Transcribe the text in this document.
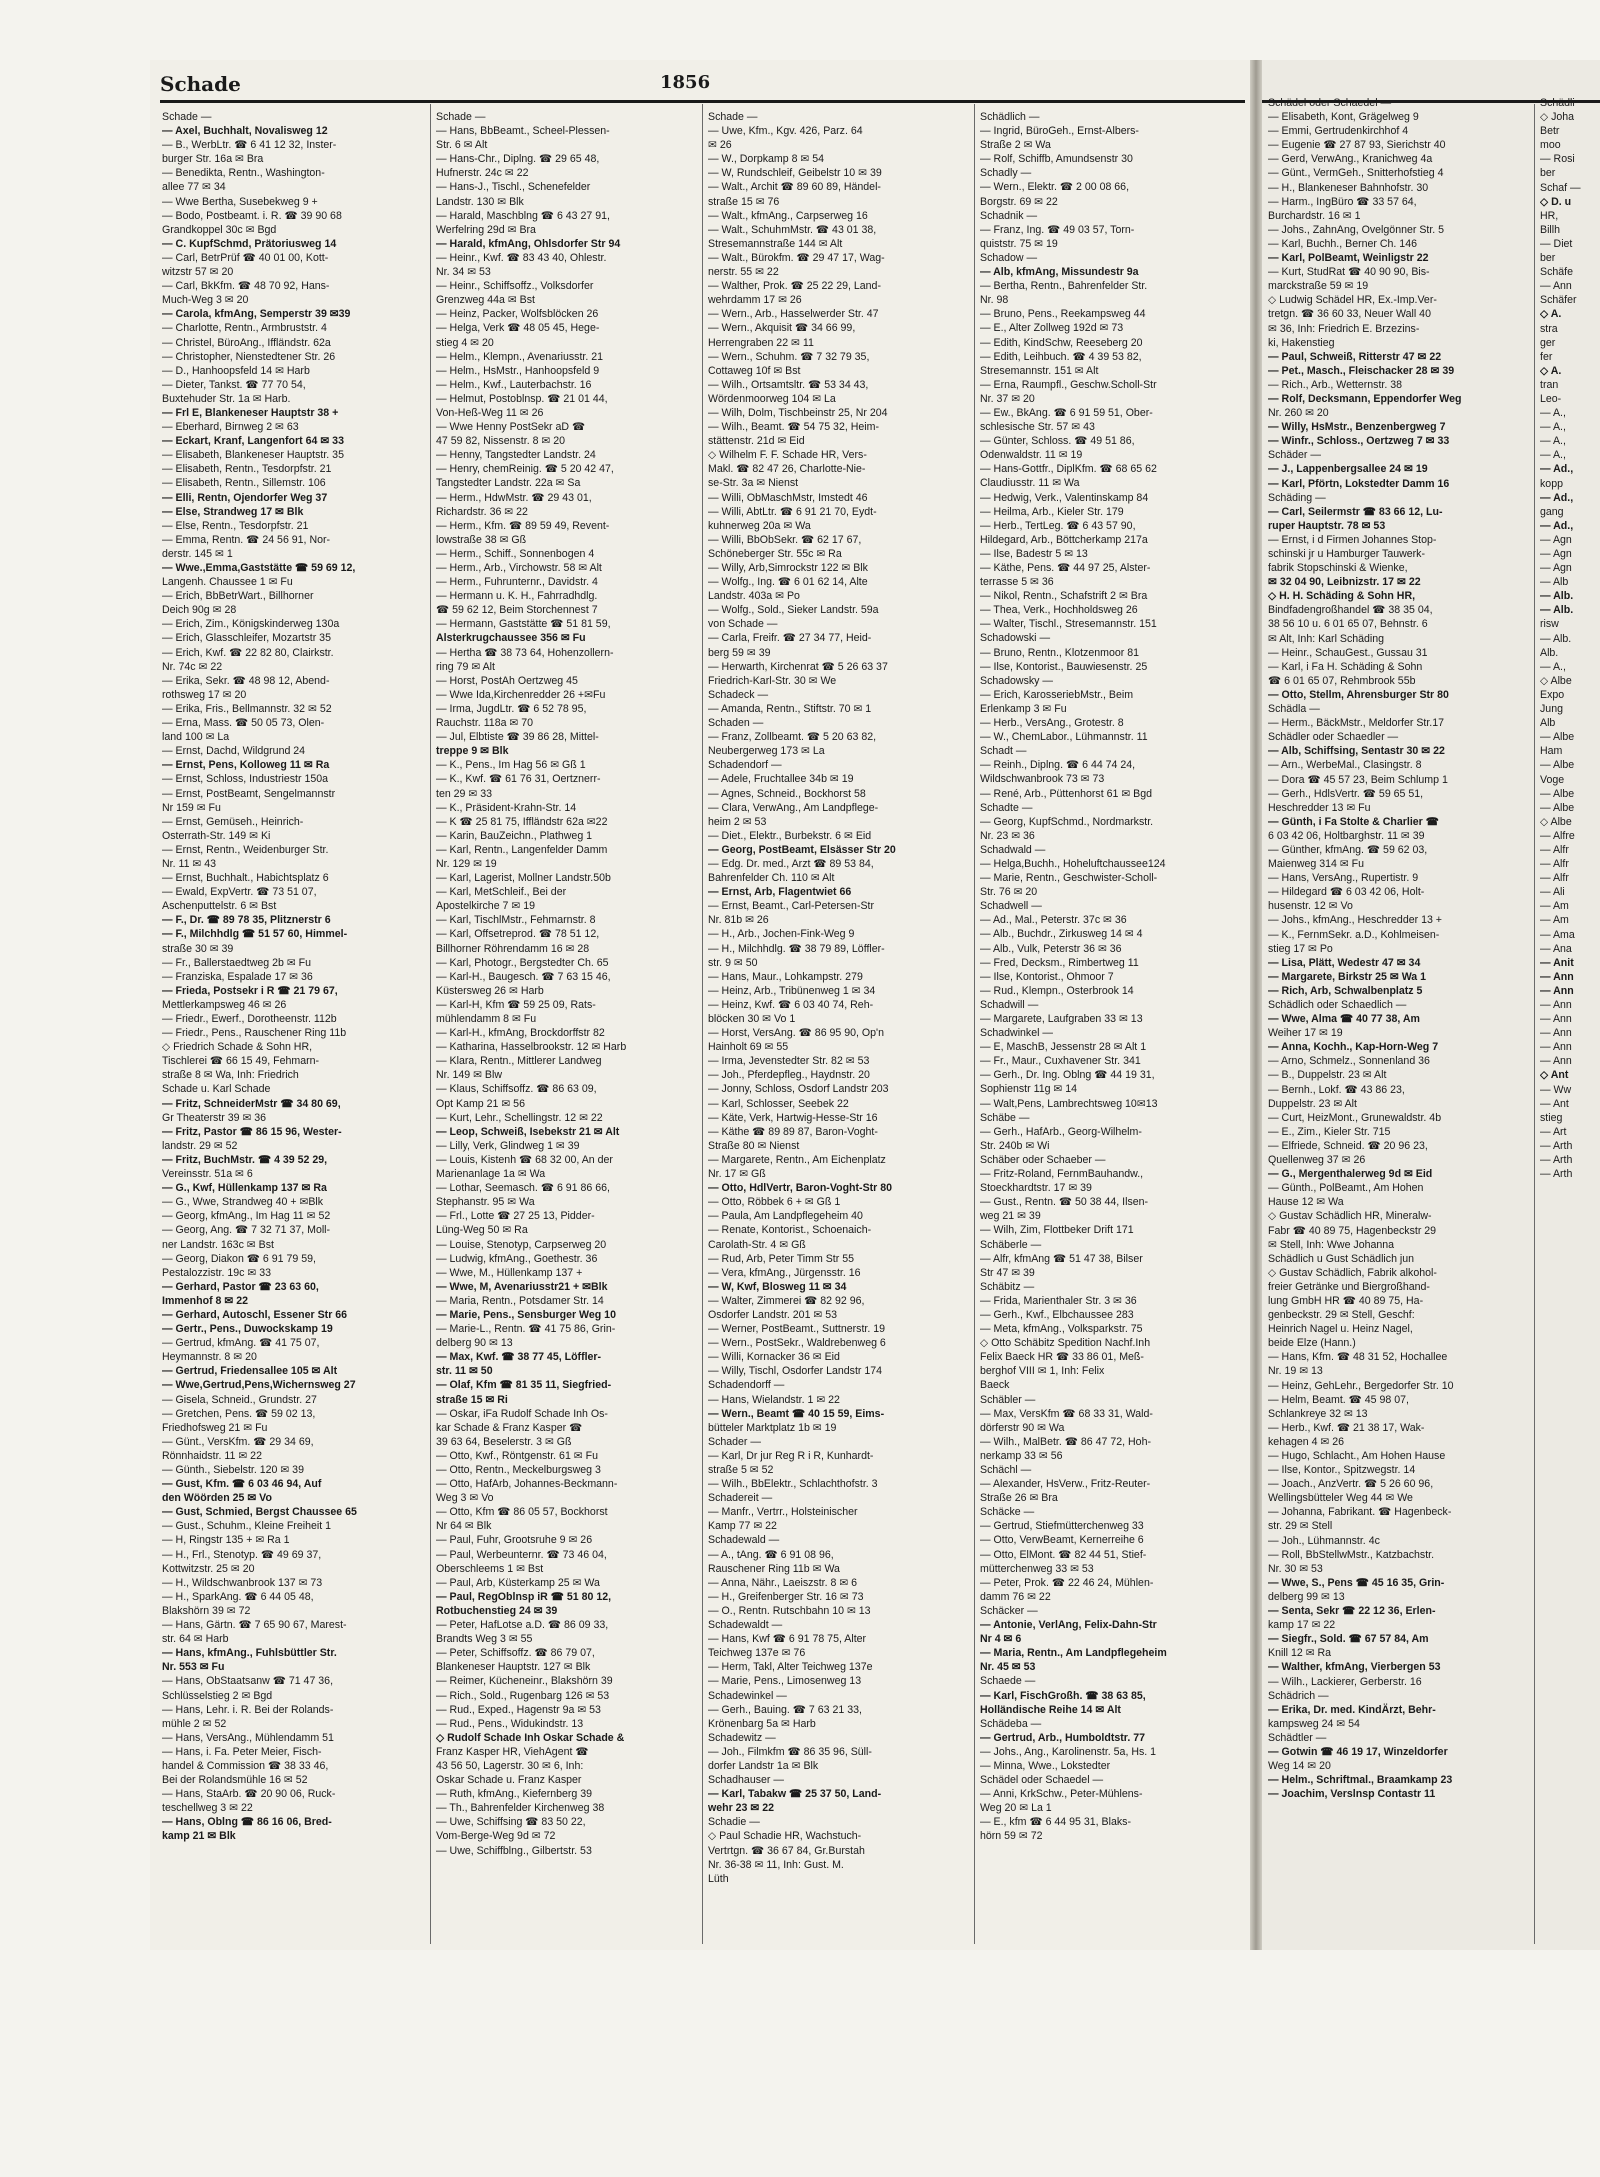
Schade	1856
Schade —
— Axel, Buchhalt, Novalisweg 12
— B., WerbLtr. ☎ 6 41 12 32, Inster-
burger Str. 16a ✉ Bra
— Benedikta, Rentn., Washington-
allee 77 ✉ 34
— Wwe Bertha, Susebekweg 9 +
— Bodo, Postbeamt. i. R. ☎ 39 90 68
Grandkoppel 30c ✉ Bgd
— C. KupfSchmd, Prätoriusweg 14
— Carl, BetrPrüf ☎ 40 01 00, Kott-
witzstr 57 ✉ 20
— Carl, BkKfm. ☎ 48 70 92, Hans-
Much-Weg 3 ✉ 20
— Carola, kfmAng, Semperstr 39 ✉39
— Charlotte, Rentn., Armbruststr. 4
— Christel, BüroAng., Iffländstr. 62a
— Christopher, Nienstedtener Str. 26
— D., Hanhoopsfeld 14 ✉ Harb
— Dieter, Tankst. ☎ 77 70 54,
Buxtehuder Str. 1a ✉ Harb.
— Frl E, Blankeneser Hauptstr 38 +
— Eberhard, Birnweg 2 ✉ 63
— Eckart, Kranf, Langenfort 64 ✉ 33
— Elisabeth, Blankeneser Hauptstr. 35
— Elisabeth, Rentn., Tesdorpfstr. 21
— Elisabeth, Rentn., Sillemstr. 106
— Elli, Rentn, Ojendorfer Weg 37
— Else, Strandweg 17 ✉ Blk
— Else, Rentn., Tesdorpfstr. 21
— Emma, Rentn. ☎ 24 56 91, Nor-
derstr. 145 ✉ 1
— Wwe.,Emma,Gaststätte ☎ 59 69 12,
Langenh. Chaussee 1 ✉ Fu
— Erich, BbBetrWart., Billhorner
Deich 90g ✉ 28
— Erich, Zim., Königskinderweg 130a
— Erich, Glasschleifer, Mozartstr 35
— Erich, Kwf. ☎ 22 82 80, Clairkstr.
Nr. 74c ✉ 22
— Erika, Sekr. ☎ 48 98 12, Abend-
rothsweg 17 ✉ 20
— Erika, Fris., Bellmannstr. 32 ✉ 52
— Erna, Mass. ☎ 50 05 73, Olen-
land 100 ✉ La
— Ernst, Dachd, Wildgrund 24
— Ernst, Pens, Kolloweg 11 ✉ Ra
— Ernst, Schloss, Industriestr 150a
— Ernst, PostBeamt, Sengelmannstr
Nr 159 ✉ Fu
— Ernst, Gemüseh., Heinrich-
Osterrath-Str. 149 ✉ Ki
— Ernst, Rentn., Weidenburger Str.
Nr. 11 ✉ 43
— Ernst, Buchhalt., Habichtsplatz 6
— Ewald, ExpVertr. ☎ 73 51 07,
Aschenputtelstr. 6 ✉ Bst
— F., Dr. ☎ 89 78 35, Plitznerstr 6
— F., Milchhdlg ☎ 51 57 60, Himmel-
straße 30 ✉ 39
— Fr., Ballerstaedtweg 2b ✉ Fu
— Franziska, Espalade 17 ✉ 36
— Frieda, Postsekr i R ☎ 21 79 67,
Mettlerkampsweg 46 ✉ 26
— Friedr., Ewerf., Dorotheenstr. 112b
— Friedr., Pens., Rauschener Ring 11b
◇ Friedrich Schade & Sohn HR,
Tischlerei ☎ 66 15 49, Fehmarn-
straße 8 ✉ Wa, Inh: Friedrich
Schade u. Karl Schade
— Fritz, SchneiderMstr ☎ 34 80 69,
Gr Theaterstr 39 ✉ 36
— Fritz, Pastor ☎ 86 15 96, Wester-
landstr. 29 ✉ 52
— Fritz, BuchMstr. ☎ 4 39 52 29,
Vereinsstr. 51a ✉ 6
— G., Kwf, Hüllenkamp 137 ✉ Ra
— G., Wwe, Strandweg 40 + ✉Blk
— Georg, kfmAng., Im Hag 11 ✉ 52
— Georg, Ang. ☎ 7 32 71 37, Moll-
ner Landstr. 163c ✉ Bst
— Georg, Diakon ☎ 6 91 79 59,
Pestalozzistr. 19c ✉ 33
— Gerhard, Pastor ☎ 23 63 60,
Immenhof 8 ✉ 22
— Gerhard, Autoschl, Essener Str 66
— Gertr., Pens., Duwockskamp 19
— Gertrud, kfmAng. ☎ 41 75 07,
Heymannstr. 8 ✉ 20
— Gertrud, Friedensallee 105 ✉ Alt
— Wwe,Gertrud,Pens,Wichernsweg 27
— Gisela, Schneid., Grundstr. 27
— Gretchen, Pens. ☎ 59 02 13,
Friedhofsweg 21 ✉ Fu
— Günt., VersKfm. ☎ 29 34 69,
Rönnhaidstr. 11 ✉ 22
— Günth., Siebelstr. 120 ✉ 39
— Gust, Kfm. ☎ 6 03 46 94, Auf
den Wöörden 25 ✉ Vo
— Gust, Schmied, Bergst Chaussee 65
— Gust., Schuhm., Kleine Freiheit 1
— H, Ringstr 135 + ✉ Ra 1
— H., Frl., Stenotyp. ☎ 49 69 37,
Kottwitzstr. 25 ✉ 20
— H., Wildschwanbrook 137 ✉ 73
— H., SparkAng. ☎ 6 44 05 48,
Blakshörn 39 ✉ 72
— Hans, Gärtn. ☎ 7 65 90 67, Marest-
str. 64 ✉ Harb
— Hans, kfmAng., Fuhlsbüttler Str.
Nr. 553 ✉ Fu
— Hans, ObStaatsanw ☎ 71 47 36,
Schlüsselstieg 2 ✉ Bgd
— Hans, Lehr. i. R. Bei der Rolands-
mühle 2 ✉ 52
— Hans, VersAng., Mühlendamm 51
— Hans, i. Fa. Peter Meier, Fisch-
handel & Commission ☎ 38 33 46,
Bei der Rolandsmühle 16 ✉ 52
— Hans, StaArb. ☎ 20 90 06, Ruck-
teschellweg 3 ✉ 22
— Hans, Oblng ☎ 86 16 06, Bred-
kamp 21 ✉ Blk
Schade —
— Hans, BbBeamt., Scheel-Plessen-
Str. 6 ✉ Alt
— Hans-Chr., Diplng. ☎ 29 65 48,
Hufnerstr. 24c ✉ 22
— Hans-J., Tischl., Schenefelder
Landstr. 130 ✉ Blk
— Harald, Maschblng ☎ 6 43 27 91,
Werfelring 29d ✉ Bra
— Harald, kfmAng, Ohlsdorfer Str 94
— Heinr., Kwf. ☎ 83 43 40, Ohlestr.
Nr. 34 ✉ 53
— Heinr., Schiffsoffz., Volksdorfer
Grenzweg 44a ✉ Bst
— Heinz, Packer, Wolfsblöcken 26
— Helga, Verk ☎ 48 05 45, Hege-
stieg 4 ✉ 20
— Helm., Klempn., Avenariusstr. 21
— Helm., HsMstr., Hanhoopsfeld 9
— Helm., Kwf., Lauterbachstr. 16
— Helmut, Postoblnsp. ☎ 21 01 44,
Von-Heß-Weg 11 ✉ 26
— Wwe Henny PostSekr aD ☎
47 59 82, Nissenstr. 8 ✉ 20
— Henny, Tangstedter Landstr. 24
— Henry, chemReinig. ☎ 5 20 42 47,
Tangstedter Landstr. 22a ✉ Sa
— Herm., HdwMstr. ☎ 29 43 01,
Richardstr. 36 ✉ 22
— Herm., Kfm. ☎ 89 59 49, Revent-
lowstraße 38 ✉ Gß
— Herm., Schiff., Sonnenbogen 4
— Herm., Arb., Virchowstr. 58 ✉ Alt
— Herm., Fuhrunternr., Davidstr. 4
— Hermann u. K. H., Fahrradhdlg.
☎ 59 62 12, Beim Storchennest 7
— Hermann, Gaststätte ☎ 51 81 59,
Alsterkrugchaussee 356 ✉ Fu
— Hertha ☎ 38 73 64, Hohenzollern-
ring 79 ✉ Alt
— Horst, PostAh Oertzweg 45
— Wwe Ida,Kirchenredder 26 +✉Fu
— Irma, JugdLtr. ☎ 6 52 78 95,
Rauchstr. 118a ✉ 70
— Jul, Elbtiste ☎ 39 86 28, Mittel-
treppe 9 ✉ Blk
— K., Pens., Im Hag 56 ✉ Gß 1
— K., Kwf. ☎ 61 76 31, Oertznerr-
ten 29 ✉ 33
— K., Präsident-Krahn-Str. 14
— K ☎ 25 81 75, Iffländstr 62a ✉22
— Karin, BauZeichn., Plathweg 1
— Karl, Rentn., Langenfelder Damm
Nr. 129 ✉ 19
— Karl, Lagerist, Mollner Landstr.50b
— Karl, MetSchleif., Bei der
Apostelkirche 7 ✉ 19
— Karl, TischlMstr., Fehmarnstr. 8
— Karl, Offsetreprod. ☎ 78 51 12,
Billhorner Röhrendamm 16 ✉ 28
— Karl, Photogr., Bergstedter Ch. 65
— Karl-H., Baugesch. ☎ 7 63 15 46,
Küstersweg 26 ✉ Harb
— Karl-H, Kfm ☎ 59 25 09, Rats-
mühlendamm 8 ✉ Fu
— Karl-H., kfmAng, Brockdorffstr 82
— Katharina, Hasselbrookstr. 12 ✉ Harb
— Klara, Rentn., Mittlerer Landweg
Nr. 149 ✉ Blw
— Klaus, Schiffsoffz. ☎ 86 63 09,
Opt Kamp 21 ✉ 56
— Kurt, Lehr., Schellingstr. 12 ✉ 22
— Leop, Schweiß, Isebekstr 21 ✉ Alt
— Lilly, Verk, Glindweg 1 ✉ 39
— Louis, Kistenh ☎ 68 32 00, An der
Marienanlage 1a ✉ Wa
— Lothar, Seemasch. ☎ 6 91 86 66,
Stephanstr. 95 ✉ Wa
— Frl., Lotte ☎ 27 25 13, Pidder-
Lüng-Weg 50 ✉ Ra
— Louise, Stenotyp, Carpserweg 20
— Ludwig, kfmAng., Goethestr. 36
— Wwe, M., Hüllenkamp 137 +
— Wwe, M, Avenariusstr21 + ✉Blk
— Maria, Rentn., Potsdamer Str. 14
— Marie, Pens., Sensburger Weg 10
— Marie-L., Rentn. ☎ 41 75 86, Grin-
delberg 90 ✉ 13
— Max, Kwf. ☎ 38 77 45, Löffler-
str. 11 ✉ 50
— Olaf, Kfm ☎ 81 35 11, Siegfried-
straße 15 ✉ Ri
— Oskar, iFa Rudolf Schade Inh Os-
kar Schade & Franz Kasper ☎
39 63 64, Beselerstr. 3 ✉ Gß
— Otto, Kwf., Röntgenstr. 61 ✉ Fu
— Otto, Rentn., Meckelburgsweg 3
— Otto, HafArb, Johannes-Beckmann-
Weg 3 ✉ Vo
— Otto, Kfm ☎ 86 05 57, Bockhorst
Nr 64 ✉ Blk
— Paul, Fuhr, Grootsruhe 9 ✉ 26
— Paul, Werbeunternr. ☎ 73 46 04,
Oberschleems 1 ✉ Bst
— Paul, Arb, Küsterkamp 25 ✉ Wa
— Paul, RegOblnsp iR ☎ 51 80 12,
Rotbuchenstieg 24 ✉ 39
— Peter, HafLotse a.D. ☎ 86 09 33,
Brandts Weg 3 ✉ 55
— Peter, Schiffsoffz. ☎ 86 79 07,
Blankeneser Hauptstr. 127 ✉ Blk
— Reimer, Kücheneinr., Blakshörn 39
— Rich., Sold., Rugenbarg 126 ✉ 53
— Rud., Exped., Hagenstr 9a ✉ 53
— Rud., Pens., Widukindstr. 13
◇ Rudolf Schade Inh Oskar Schade &
Franz Kasper HR, ViehAgent ☎
43 56 50, Lagerstr. 30 ✉ 6, Inh:
Oskar Schade u. Franz Kasper
— Ruth, kfmAng., Kiefernberg 39
— Th., Bahrenfelder Kirchenweg 38
— Uwe, Schiffsing ☎ 83 50 22,
Vom-Berge-Weg 9d ✉ 72
— Uwe, Schiffblng., Gilbertstr. 53
Schade —
— Uwe, Kfm., Kgv. 426, Parz. 64
✉ 26
— W., Dorpkamp 8 ✉ 54
— W, Rundschleif, Geibelstr 10 ✉ 39
— Walt., Archit ☎ 89 60 89, Händel-
straße 15 ✉ 76
— Walt., kfmAng., Carpserweg 16
— Walt., SchuhmMstr. ☎ 43 01 38,
Stresemannstraße 144 ✉ Alt
— Walt., Bürokfm. ☎ 29 47 17, Wag-
nerstr. 55 ✉ 22
— Walther, Prok. ☎ 25 22 29, Land-
wehrdamm 17 ✉ 26
— Wern., Arb., Hasselwerder Str. 47
— Wern., Akquisit ☎ 34 66 99,
Herrengraben 22 ✉ 11
— Wern., Schuhm. ☎ 7 32 79 35,
Cottaweg 10f ✉ Bst
— Wilh., Ortsamtsltr. ☎ 53 34 43,
Wördenmoorweg 104 ✉ La
— Wilh, Dolm, Tischbeinstr 25, Nr 204
— Wilh., Beamt. ☎ 54 75 32, Heim-
stättenstr. 21d ✉ Eid
◇ Wilhelm F. F. Schade HR, Vers-
Makl. ☎ 82 47 26, Charlotte-Nie-
se-Str. 3a ✉ Nienst
— Willi, ObMaschMstr, Imstedt 46
— Willi, AbtLtr. ☎ 6 91 21 70, Eydt-
kuhnerweg 20a ✉ Wa
— Willi, BbObSekr. ☎ 62 17 67,
Schöneberger Str. 55c ✉ Ra
— Willy, Arb,Simrockstr 122 ✉ Blk
— Wolfg., Ing. ☎ 6 01 62 14, Alte
Landstr. 403a ✉ Po
— Wolfg., Sold., Sieker Landstr. 59a
von Schade —
— Carla, Freifr. ☎ 27 34 77, Heid-
berg 59 ✉ 39
— Herwarth, Kirchenrat ☎ 5 26 63 37
Friedrich-Karl-Str. 30 ✉ We
Schadeck —
— Amanda, Rentn., Stiftstr. 70 ✉ 1
Schaden —
— Franz, Zollbeamt. ☎ 5 20 63 82,
Neubergerweg 173 ✉ La
Schadendorf —
— Adele, Fruchtallee 34b ✉ 19
— Agnes, Schneid., Bockhorst 58
— Clara, VerwAng., Am Landpflege-
heim 2 ✉ 53
— Diet., Elektr., Burbekstr. 6 ✉ Eid
— Georg, PostBeamt, Elsässer Str 20
— Edg. Dr. med., Arzt ☎ 89 53 84,
Bahrenfelder Ch. 110 ✉ Alt
— Ernst, Arb, Flagentwiet 66
— Ernst, Beamt., Carl-Petersen-Str
Nr. 81b ✉ 26
— H., Arb., Jochen-Fink-Weg 9
— H., Milchhdlg. ☎ 38 79 89, Löffler-
str. 9 ✉ 50
— Hans, Maur., Lohkampstr. 279
— Heinz, Arb., Tribünenweg 1 ✉ 34
— Heinz, Kwf. ☎ 6 03 40 74, Reh-
blöcken 30 ✉ Vo 1
— Horst, VersAng. ☎ 86 95 90, Op'n
Hainholt 69 ✉ 55
— Irma, Jevenstedter Str. 82 ✉ 53
— Joh., Pferdepfleg., Haydnstr. 20
— Jonny, Schloss, Osdorf Landstr 203
— Karl, Schlosser, Seebek 22
— Käte, Verk, Hartwig-Hesse-Str 16
— Käthe ☎ 89 89 87, Baron-Voght-
Straße 80 ✉ Nienst
— Margarete, Rentn., Am Eichenplatz
Nr. 17 ✉ Gß
— Otto, HdlVertr, Baron-Voght-Str 80
— Otto, Röbbek 6 + ✉ Gß 1
— Paula, Am Landpflegeheim 40
— Renate, Kontorist., Schoenaich-
Carolath-Str. 4 ✉ Gß
— Rud, Arb, Peter Timm Str 55
— Vera, kfmAng., Jürgensstr. 16
— W, Kwf, Blosweg 11 ✉ 34
— Walter, Zimmerei ☎ 82 92 96,
Osdorfer Landstr. 201 ✉ 53
— Werner, PostBeamt., Suttnerstr. 19
— Wern., PostSekr., Waldrebenweg 6
— Willi, Kornacker 36 ✉ Eid
— Willy, Tischl, Osdorfer Landstr 174
Schadendorff —
— Hans, Wielandstr. 1 ✉ 22
— Wern., Beamt ☎ 40 15 59, Eims-
bütteler Marktplatz 1b ✉ 19
Schader —
— Karl, Dr jur Reg R i R, Kunhardt-
straße 5 ✉ 52
— Wilh., BbElektr., Schlachthofstr. 3
Schadereit —
— Manfr., Vertrr., Holsteinischer
Kamp 77 ✉ 22
Schadewald —
— A., tAng. ☎ 6 91 08 96,
Rauschener Ring 11b ✉ Wa
— Anna, Nähr., Laeiszstr. 8 ✉ 6
— H., Greifenberger Str. 16 ✉ 73
— O., Rentn. Rutschbahn 10 ✉ 13
Schadewaldt —
— Hans, Kwf ☎ 6 91 78 75, Alter
Teichweg 137e ✉ 76
— Herm, Takl, Alter Teichweg 137e
— Marie, Pens., Limosenweg 13
Schadewinkel —
— Gerh., Bauing. ☎ 7 63 21 33,
Krönenbarg 5a ✉ Harb
Schadewitz —
— Joh., Filmkfm ☎ 86 35 96, Süll-
dorfer Landstr 1a ✉ Blk
Schadhauser —
— Karl, Tabakw ☎ 25 37 50, Land-
wehr 23 ✉ 22
Schadie —
◇ Paul Schadie HR, Wachstuch-
Vertrtgn. ☎ 36 67 84, Gr.Burstah
Nr. 36-38 ✉ 11, Inh: Gust. M.
Lüth
Schädlich —
— Ingrid, BüroGeh., Ernst-Albers-
Straße 2 ✉ Wa
— Rolf, Schiffb, Amundsenstr 30
Schadly —
— Wern., Elektr. ☎ 2 00 08 66,
Borgstr. 69 ✉ 22
Schadnik —
— Franz, Ing. ☎ 49 03 57, Torn-
quiststr. 75 ✉ 19
Schadow —
— Alb, kfmAng, Missundestr 9a
— Bertha, Rentn., Bahrenfelder Str.
Nr. 98
— Bruno, Pens., Reekampsweg 44
— E., Alter Zollweg 192d ✉ 73
— Edith, KindSchw, Reeseberg 20
— Edith, Leihbuch. ☎ 4 39 53 82,
Stresemannstr. 151 ✉ Alt
— Erna, Raumpfl., Geschw.Scholl-Str
Nr. 37 ✉ 20
— Ew., BkAng. ☎ 6 91 59 51, Ober-
schlesische Str. 57 ✉ 43
— Günter, Schloss. ☎ 49 51 86,
Odenwaldstr. 11 ✉ 19
— Hans-Gottfr., DiplKfm. ☎ 68 65 62
Claudiusstr. 11 ✉ Wa
— Hedwig, Verk., Valentinskamp 84
— Heilma, Arb., Kieler Str. 179
— Herb., TertLeg. ☎ 6 43 57 90,
Hildegard, Arb., Böttcherkamp 217a
— Ilse, Badestr 5 ✉ 13
— Käthe, Pens. ☎ 44 97 25, Alster-
terrasse 5 ✉ 36
— Nikol, Rentn., Schafstrift 2 ✉ Bra
— Thea, Verk., Hochholdsweg 26
— Walter, Tischl., Stresemannstr. 151
Schadowski —
— Bruno, Rentn., Klotzenmoor 81
— Ilse, Kontorist., Bauwiesenstr. 25
Schadowsky —
— Erich, KarosseriebMstr., Beim
Erlenkamp 3 ✉ Fu
— Herb., VersAng., Grotestr. 8
— W., ChemLabor., Lühmannstr. 11
Schadt —
— Reinh., Diplng. ☎ 6 44 74 24,
Wildschwanbrook 73 ✉ 73
— René, Arb., Püttenhorst 61 ✉ Bgd
Schadte —
— Georg, KupfSchmd., Nordmarkstr.
Nr. 23 ✉ 36
Schadwald —
— Helga,Buchh., Hoheluftchaussee124
— Marie, Rentn., Geschwister-Scholl-
Str. 76 ✉ 20
Schadwell —
— Ad., Mal., Peterstr. 37c ✉ 36
— Alb., Buchdr., Zirkusweg 14 ✉ 4
— Alb., Vulk, Peterstr 36 ✉ 36
— Fred, Decksm., Rimbertweg 11
— Ilse, Kontorist., Ohmoor 7
— Rud., Klempn., Osterbrook 14
Schadwill —
— Margarete, Laufgraben 33 ✉ 13
Schadwinkel —
— E, MaschB, Jessenstr 28 ✉ Alt 1
— Fr., Maur., Cuxhavener Str. 341
— Gerh., Dr. Ing. Oblng ☎ 44 19 31,
Sophienstr 11g ✉ 14
— Walt,Pens, Lambrechtsweg 10✉13
Schäbe —
— Gerh., HafArb., Georg-Wilhelm-
Str. 240b ✉ Wi
Schäber oder Schaeber —
— Fritz-Roland, FernmBauhandw.,
Stoeckhardtstr. 17 ✉ 39
— Gust., Rentn. ☎ 50 38 44, Ilsen-
weg 21 ✉ 39
— Wilh, Zim, Flottbeker Drift 171
Schäberle —
— Alfr, kfmAng ☎ 51 47 38, Bilser
Str 47 ✉ 39
Schäbitz —
— Frida, Marienthaler Str. 3 ✉ 36
— Gerh., Kwf., Elbchaussee 283
— Meta, kfmAng., Volksparkstr. 75
◇ Otto Schäbitz Spedition Nachf.Inh
Felix Baeck HR ☎ 33 86 01, Meß-
berghof VIII ✉ 1, Inh: Felix
Baeck
Schäbler —
— Max, VersKfm ☎ 68 33 31, Wald-
dörferstr 90 ✉ Wa
— Wilh., MalBetr. ☎ 86 47 72, Hoh-
nerkamp 33 ✉ 56
Schächl —
— Alexander, HsVerw., Fritz-Reuter-
Straße 26 ✉ Bra
Schäcke —
— Gertrud, Stiefmütterchenweg 33
— Otto, VerwBeamt, Kernerreihe 6
— Otto, ElMont. ☎ 82 44 51, Stief-
mütterchenweg 33 ✉ 53
— Peter, Prok. ☎ 22 46 24, Mühlen-
damm 76 ✉ 22
Schäcker —
— Antonie, VerlAng, Felix-Dahn-Str
Nr 4 ✉ 6
— Maria, Rentn., Am Landpflegeheim
Nr. 45 ✉ 53
Schaede —
— Karl, FischGroßh. ☎ 38 63 85,
Holländische Reihe 14 ✉ Alt
Schädeba —
— Gertrud, Arb., Humboldtstr. 77
— Johs., Ang., Karolinenstr. 5a, Hs. 1
— Minna, Wwe., Lokstedter
Schädel oder Schaedel —
— Anni, KrkSchw., Peter-Mühlens-
Weg 20 ✉ La 1
— E., kfm ☎ 6 44 95 31, Blaks-
hörn 59 ✉ 72
Schädel oder Schaedel —
— Elisabeth, Kont, Grägelweg 9
— Emmi, Gertrudenkirchhof 4
— Eugenie ☎ 27 87 93, Sierichstr 40
— Gerd, VerwAng., Kranichweg 4a
— Günt., VermGeh., Snitterhofstieg 4
— H., Blankeneser Bahnhofstr. 30
— Harm., IngBüro ☎ 33 57 64,
Burchardstr. 16 ✉ 1
— Johs., ZahnAng, Ovelgönner Str. 5
— Karl, Buchh., Berner Ch. 146
— Karl, PolBeamt, Weinligstr 22
— Kurt, StudRat ☎ 40 90 90, Bis-
marckstraße 59 ✉ 19
◇ Ludwig Schädel HR, Ex.-Imp.Ver-
tretgn. ☎ 36 60 33, Neuer Wall 40
✉ 36, Inh: Friedrich E. Brzezins-
ki, Hakenstieg
— Paul, Schweiß, Ritterstr 47 ✉ 22
— Pet., Masch., Fleischacker 28 ✉ 39
— Rich., Arb., Wetternstr. 38
— Rolf, Decksmann, Eppendorfer Weg
Nr. 260 ✉ 20
— Willy, HsMstr., Benzenbergweg 7
— Winfr., Schloss., Oertzweg 7 ✉ 33
Schäder —
— J., Lappenbergsallee 24 ✉ 19
— Karl, Pförtn, Lokstedter Damm 16
Schäding —
— Carl, Seilermstr ☎ 83 66 12, Lu-
ruper Hauptstr. 78 ✉ 53
— Ernst, i d Firmen Johannes Stop-
schinski jr u Hamburger Tauwerk-
fabrik Stopschinski & Wienke,
✉ 32 04 90, Leibnizstr. 17 ✉ 22
◇ H. H. Schäding & Sohn HR,
Bindfadengroßhandel ☎ 38 35 04,
38 56 10 u. 6 01 65 07, Behnstr. 6
✉ Alt, Inh: Karl Schäding
— Heinr., SchauGest., Gussau 31
— Karl, i Fa H. Schäding & Sohn
☎ 6 01 65 07, Rehmbrook 55b
— Otto, Stellm, Ahrensburger Str 80
Schädla —
— Herm., BäckMstr., Meldorfer Str.17
Schädler oder Schaedler —
— Alb, Schiffsing, Sentastr 30 ✉ 22
— Arn., WerbeMal., Clasingstr. 8
— Dora ☎ 45 57 23, Beim Schlump 1
— Gerh., HdlsVertr. ☎ 59 65 51,
Heschredder 13 ✉ Fu
— Günth, i Fa Stolte & Charlier ☎
6 03 42 06, Holtbarghstr. 11 ✉ 39
— Günther, kfmAng. ☎ 59 62 03,
Maienweg 314 ✉ Fu
— Hans, VersAng., Rupertistr. 9
— Hildegard ☎ 6 03 42 06, Holt-
husenstr. 12 ✉ Vo
— Johs., kfmAng., Heschredder 13 +
— K., FernmSekr. a.D., Kohlmeisen-
stieg 17 ✉ Po
— Lisa, Plätt, Wedestr 47 ✉ 34
— Margarete, Birkstr 25 ✉ Wa 1
— Rich, Arb, Schwalbenplatz 5
Schädlich oder Schaedlich —
— Wwe, Alma ☎ 40 77 38, Am
Weiher 17 ✉ 19
— Anna, Kochh., Kap-Horn-Weg 7
— Arno, Schmelz., Sonnenland 36
— B., Duppelstr. 23 ✉ Alt
— Bernh., Lokf. ☎ 43 86 23,
Duppelstr. 23 ✉ Alt
— Curt, HeizMont., Grunewaldstr. 4b
— E., Zim., Kieler Str. 715
— Elfriede, Schneid. ☎ 20 96 23,
Quellenweg 37 ✉ 26
— G., Mergenthalerweg 9d ✉ Eid
— Günth., PolBeamt., Am Hohen
Hause 12 ✉ Wa
◇ Gustav Schädlich HR, Mineralw-
Fabr ☎ 40 89 75, Hagenbeckstr 29
✉ Stell, Inh: Wwe Johanna
Schädlich u Gust Schädlich jun
◇ Gustav Schädlich, Fabrik alkohol-
freier Getränke und Biergroßhand-
lung GmbH HR ☎ 40 89 75, Ha-
genbeckstr. 29 ✉ Stell, Geschf:
Heinrich Nagel u. Heinz Nagel,
beide Elze (Hann.)
— Hans, Kfm. ☎ 48 31 52, Hochallee
Nr. 19 ✉ 13
— Heinz, GehLehr., Bergedorfer Str. 10
— Helm, Beamt. ☎ 45 98 07,
Schlankreye 32 ✉ 13
— Herb., Kwf. ☎ 21 38 17, Wak-
kehagen 4 ✉ 26
— Hugo, Schlacht., Am Hohen Hause
— Ilse, Kontor., Spitzwegstr. 14
— Joach., AnzVertr. ☎ 5 26 60 96,
Wellingsbütteler Weg 44 ✉ We
— Johanna, Fabrikant. ☎ Hagenbeck-
str. 29 ✉ Stell
— Joh., Lühmannstr. 4c
— Roll, BbStellwMstr., Katzbachstr.
Nr. 30 ✉ 53
— Wwe, S., Pens ☎ 45 16 35, Grin-
delberg 99 ✉ 13
— Senta, Sekr ☎ 22 12 36, Erlen-
kamp 17 ✉ 22
— Siegfr., Sold. ☎ 67 57 84, Am
Knill 12 ✉ Ra
— Walther, kfmAng, Vierbergen 53
— Wilh., Lackierer, Gerberstr. 16
Schädrich —
— Erika, Dr. med. KindÄrzt, Behr-
kampsweg 24 ✉ 54
Schädtler —
— Gotwin ☎ 46 19 17, Winzeldorfer
Weg 14 ✉ 20
— Helm., Schriftmal., Braamkamp 23
— Joachim, Verslnsp Contastr 11
Schädli
◇ Joha
Betr
moo
— Rosi
ber
Schaf —
◇ D. u
HR,
Billh
— Diet
ber
Schäfe
— Ann
Schäfer
◇ A.
stra
ger
fer
◇ A.
tran
Leo-
— A.,
— A.,
— A.,
— A.,
— Ad.,
kopp
— Ad.,
gang
— Ad.,
— Agn
— Agn
— Agn
— Alb
— Alb.
— Alb.
risw
— Alb.
Alb.
— A.,
◇ Albe
Expo
Jung
Alb
— Albe
Ham
— Albe
Voge
— Albe
— Albe
◇ Albe
— Alfre
— Alfr
— Alfr
— Alfr
— Ali
— Am
— Am
— Ama
— Ana
— Anit
— Ann
— Ann
— Ann
— Ann
— Ann
— Ann
— Ann
◇ Ant
— Ww
— Ant
stieg
— Art
— Arth
— Arth
— Arth
